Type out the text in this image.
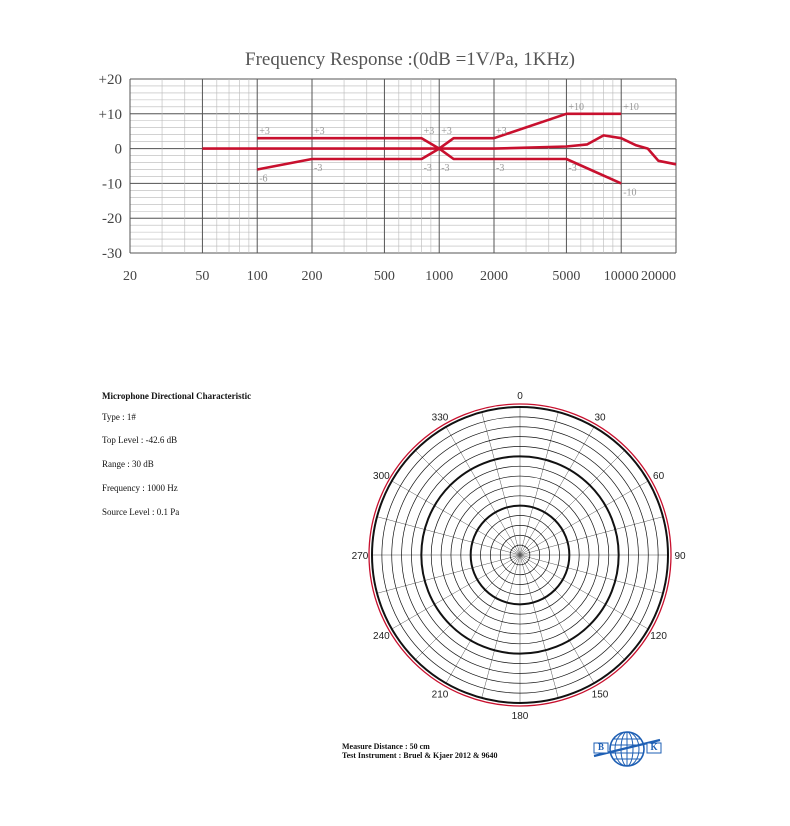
Frequency Response :(0dB =1V/Pa, 1KHz)
+20
+10
0
-10
-20
-30
20	50	100 200	500 1000 2000	5000 10000 20000
+3	+3	+3 +3	+3
+10	+10
-6
-3	-3 -3	-3	-3
-10
Microphone Directional Characteristic
Type : 1#
Top Level : -42.6 dB
Range : 30 dB
Frequency : 1000 Hz
Source Level : 0.1 Pa
0
30
60
90
120
150
180
210
240
270
300
330
Measure Distance : 50 cm
Test Instrument : Bruel & Kjaer 2012 & 9640
B	K
